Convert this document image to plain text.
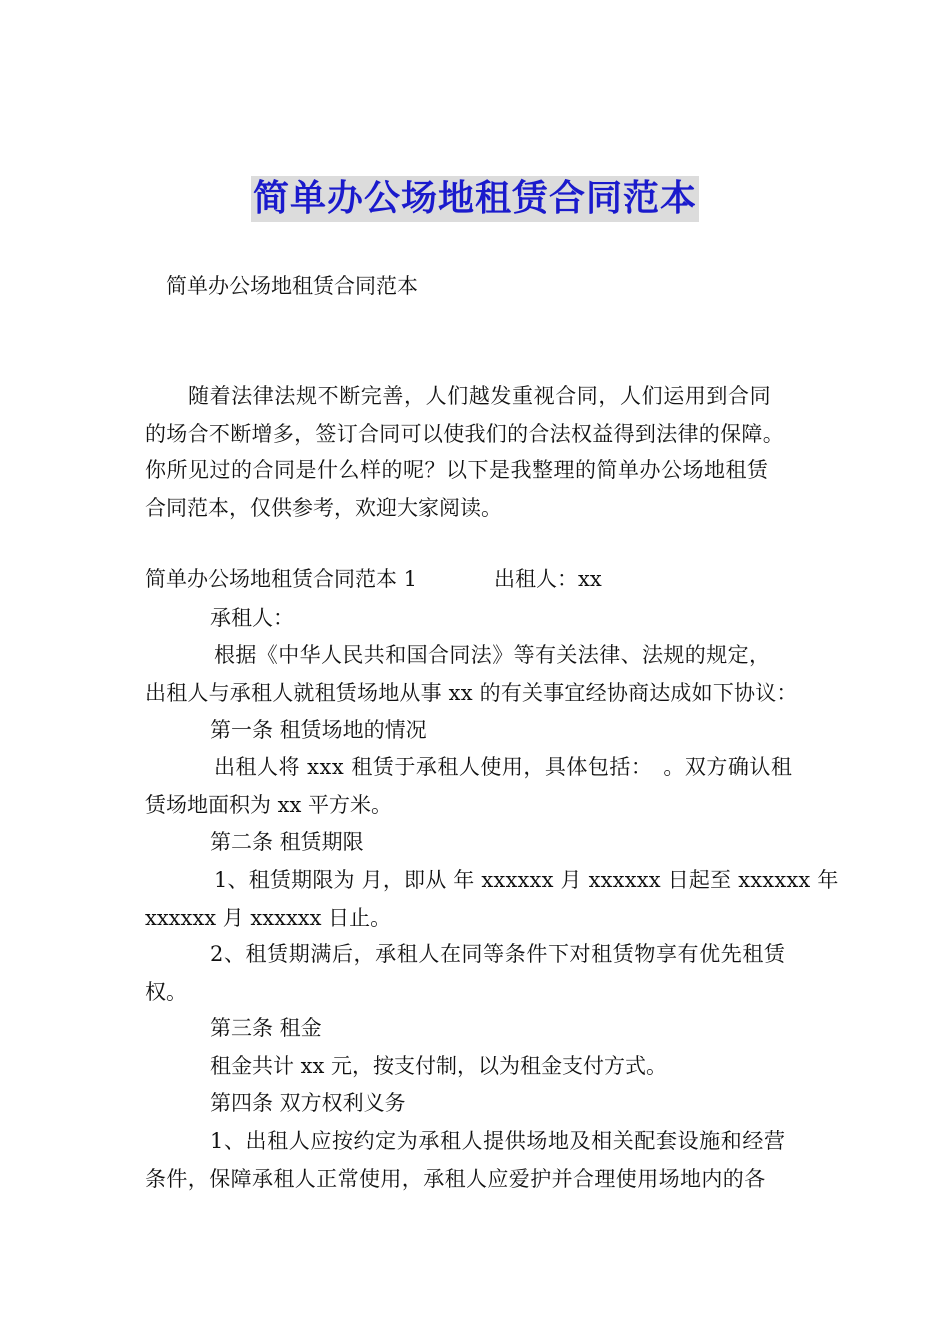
简单办公场地租赁合同范本
简单办公场地租赁合同范本
随着法律法规不断完善，人们越发重视合同，人们运用到合同
的场合不断增多，签订合同可以使我们的合法权益得到法律的保障。
你所见过的合同是什么样的呢？以下是我整理的简单办公场地租赁
合同范本，仅供参考，欢迎大家阅读。
简单办公场地租赁合同范本 1	出租人：xx
承租人：
根据《中华人民共和国合同法》等有关法律、法规的规定，
出租人与承租人就租赁场地从事 xx 的有关事宜经协商达成如下协议：
第一条 租赁场地的情况
出租人将 xxx 租赁于承租人使用，具体包括：　。双方确认租
赁场地面积为 xx 平方米。
第二条 租赁期限
1、租赁期限为 月，即从 年 xxxxxx 月 xxxxxx 日起至 xxxxxx 年
xxxxxx 月 xxxxxx 日止。
2、租赁期满后，承租人在同等条件下对租赁物享有优先租赁
权。
第三条 租金
租金共计 xx 元，按支付制，以为租金支付方式。
第四条 双方权利义务
1、出租人应按约定为承租人提供场地及相关配套设施和经营
条件，保障承租人正常使用，承租人应爱护并合理使用场地内的各
